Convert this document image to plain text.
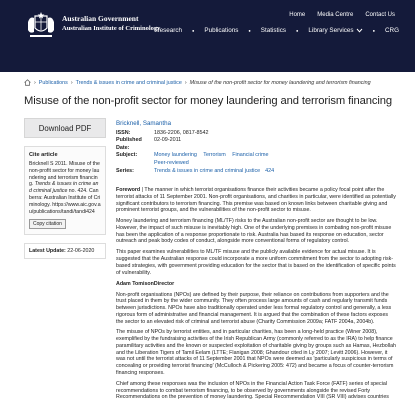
Australian Government
Australian Institute of Criminology
Home Media Centre Contact Us
Research	● Publications	● Statistics	● Library Services	● CRG
› Publications › Trends & issues in crime and criminal justice › Misuse of the non-profit sector for money laundering and terrorism financing
Misuse of the non-profit sector for money laundering and terrorism financing
Download PDF
Cite article

Bricknell S 2011. Misuse of the non-profit sector for money laundering and terrorism financing. Trends & issues in crime and criminal justice no. 424. Canberra: Australian Institute of Criminology. https://www.aic.gov.au/publications/tandi/tandi424

Copy citation
Latest Update: 22-06-2020
Bricknell, Samantha
ISSN:	1836-2206, 0817-8542
Published Date:
02-09-2011
Subject:	Money laundering Terrorism Financial crime
Peer-reviewed
Series:	Trends & issues in crime and criminal justice 424

Foreword | The manner in which terrorist organisations finance their activities became a policy focal point after the terrorist attacks of 11 September 2001. Non-profit organisations, and charities in particular, were identified as potentially significant contributors to terrorism financing. This premise was based on known links between charitable giving and prominent terrorist groups, and the vulnerabilities of the non-profit sector to misuse.

Money laundering and terrorism financing (ML/TF) risks to the Australian non-profit sector are thought to be low. However, the impact of such misuse is inevitably high. One of the underlying premises in combating non-profit misuse has been the application of a response proportionate to risk. Australia has based its response on education, sector outreach and peak body codes of conduct, alongside more conventional forms of regulatory control.

This paper examines vulnerabilities to ML/TF misuse and the publicly available evidence for actual misuse. It is suggested that the Australian response could incorporate a more uniform commitment from the sector to adopting risk-based strategies, with government providing education for the sector that is based on the identification of specific points of vulnerability.

Adam TomisonDirector

Non-profit organisations (NPOs) are defined by their purpose, their reliance on contributions from supporters and the trust placed in them by the wider community. They often process large amounts of cash and regularly transmit funds between jurisdictions. NPOs have also traditionally operated under less formal regulatory control and generally, a less rigorous form of administrative and financial management. It is argued that the combination of these factors exposes the sector to an elevated risk of criminal and terrorist abuse (Charity Commission 2009a; FATF 2004a, 2004b).

The misuse of NPOs by terrorist entities, and in particular charities, has been a long-held practice (Winer 2008), exemplified by the fundraising activities of the Irish Republican Army (commonly referred to as the IRA) to help finance paramilitary activities and the known or suspected exploitation of charitable giving by groups such as Hamas, Hezbollah and the Liberation Tigers of Tamil Eelam (LTTE; Flanigan 2008; Ghandour cited in Ly 2007; Levitt 2006). However, it was not until the terrorist attacks of 11 September 2001 that NPOs were deemed as 'particularly suspicious in terms of concealing or providing terrorist financing' (McCulloch & Pickering 2005: 472) and became a focus of counter-terrorism financing responses.

Chief among these responses was the inclusion of NPOs in the Financial Action Task Force (FATF) series of special recommendations to combat terrorism financing, to be observed by governments alongside the revised Forty Recommendations on the prevention of money laundering. Special Recommendation VIII (SR VIII) advises countries
